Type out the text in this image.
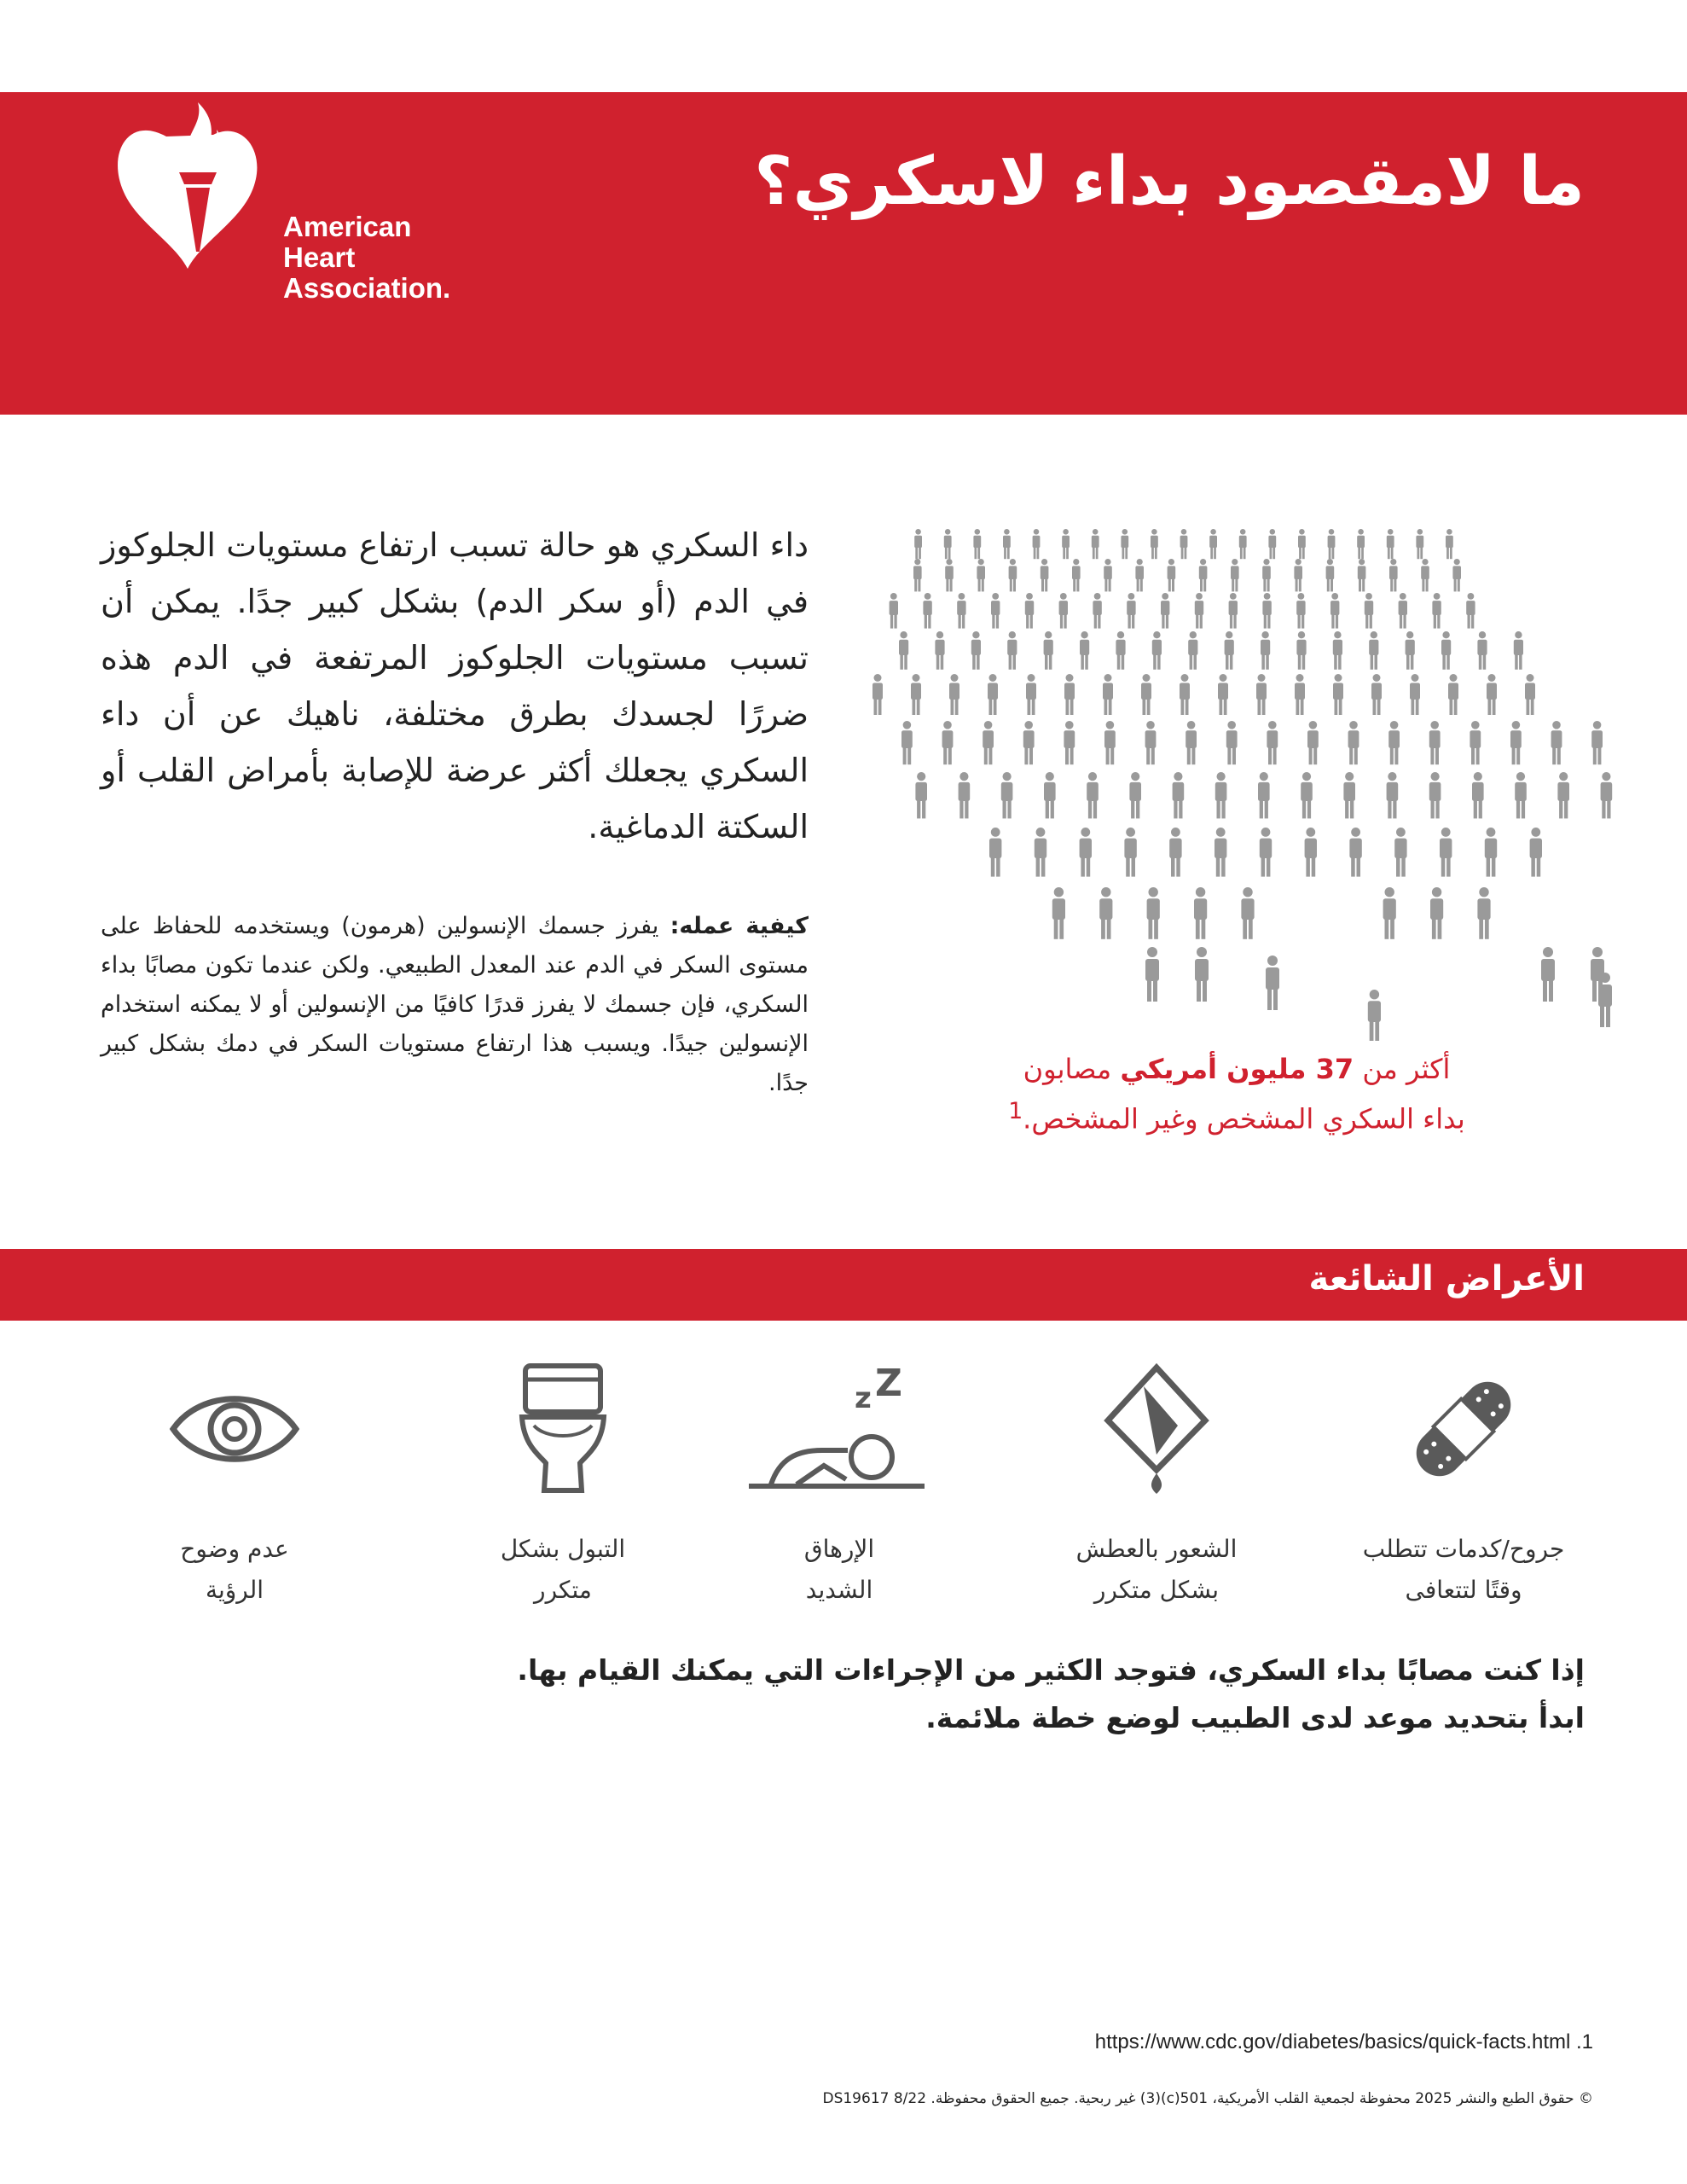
American
Heart
Association.
ما لامقصود بداء لاسكري؟

داء السكري هو حالة تسبب ارتفاع مستويات الجلوكوز في الدم (أو سكر الدم) بشكل كبير جدًا. يمكن أن تسبب مستويات الجلوكوز المرتفعة في الدم هذه ضررًا لجسدك بطرق مختلفة، ناهيك عن أن داء السكري يجعلك أكثر عرضة للإصابة بأمراض القلب أو السكتة الدماغية.

كيفية عمله: يفرز جسمك الإنسولين (هرمون) ويستخدمه للحفاظ على مستوى السكر في الدم عند المعدل الطبيعي. ولكن عندما تكون مصابًا بداء السكري، فإن جسمك لا يفرز قدرًا كافيًا من الإنسولين أو لا يمكنه استخدام الإنسولين جيدًا. ويسبب هذا ارتفاع مستويات السكر في دمك بشكل كبير جدًا.	أكثر من 37 مليون أمريكي مصابون
بداء السكري المشخص وغير المشخص.$^1$
الأعراض الشائعة
جروح/كدمات تتطلب
وقتًا لتتعافى
الشعور بالعطش
بشكل متكرر
z Z
الإرهاق
الشديد
التبول بشكل
متكرر
عدم وضوح
الرؤية
إذا كنت مصابًا بداء السكري، فتوجد الكثير من الإجراءات التي يمكنك القيام بها.
ابدأ بتحديد موعد لدى الطبيب لوضع خطة ملائمة.
https://www.cdc.gov/diabetes/basics/quick-facts.html .1
© حقوق الطبع والنشر 2025 محفوظة لجمعية القلب الأمريكية، 501(c)(3) غير ربحية. جميع الحقوق محفوظة. DS19617 8/22
